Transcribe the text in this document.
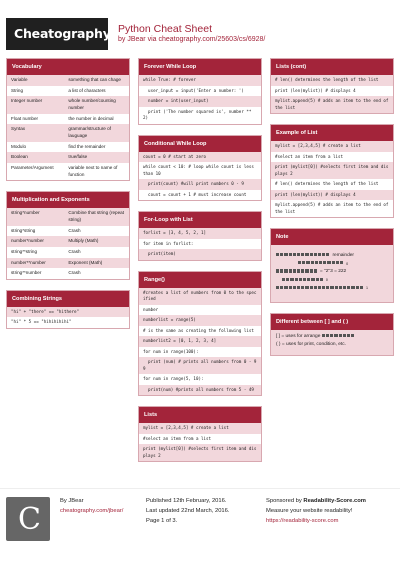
Cheatography Python Cheat Sheet
by JBear via cheatography.com/25603/cs/6928/
Vocabulary
Variable	something that can chage
String	a list of characters
Integer number	whole number/counting number
Float number	the number in decimal
Syntax	grammar/structure of lauguage
Modulo	find the remainder
Boolean	true/false
Parameter/Argument	variable next to name of function
Multiplication and Exponents
string*number	Combine that string (repeat string)
string*string	Crash
number*number	Multiply (Math)
string**string	Crash
number**number	Exponent (Math)
string**number	Crash
Combining Strings
"hi" + "there" == "hithere"
"hi" * 5 == "hihihihihi"
Forever While Loop
while True: # forever
user_input = input('Enter a number: ')
number = int(user_input)
print ('The number squared is', number ** 2)
Conditional While Loop
count = 0 # start at zero
while count < 10: # loop while count is less than 10
print(count) #will print numbers 0 - 9
count = count + 1 # must increase count
For-Loop with List
forlist = [3, 4, 5, 2, 1]
for item in forlist:
print(item)
Range()
#creates a list of numbers from 0 to the specified
number
numberlist = range(5)
# is the same as creating the following list
numberlist2 = [0, 1, 2, 3, 4]
for num in range(100):
print (num) # prints all numbers from 0 - 99
for num in range(5, 10):
print(num) #prints all numbers from 5 - 49
Lists
mylist = [2,3,4,5] # create a list
#select an item from a list
print (mylist[0]) #selects first item and displays 2
Lists (cont)
# len() determines the length of the list
print (len(mylist)) # displays 4
mylist.append(5) # adds an item to the end of the list
Example of List
mylist = [2,3,4,5] # create a list
#select an item from a list
print (mylist[0]) #selects first item and displays 2
# len() determines the length of the list
print (len(mylist)) # displays 4
mylist.append(5) # adds an item to the end of the list
Note
remainder
0
= "2"3 = 222
0
1
Different between [ ] and ( )
[ ] = uses for arrange
( ) = uses for print, condition, etc.
C
By JBear
cheatography.com/jbear/
Published 12th February, 2016.
Last updated 22nd March, 2016.
Page 1 of 3.
Sponsored by Readability-Score.com
Measure your website readability!
https://readability-score.com
